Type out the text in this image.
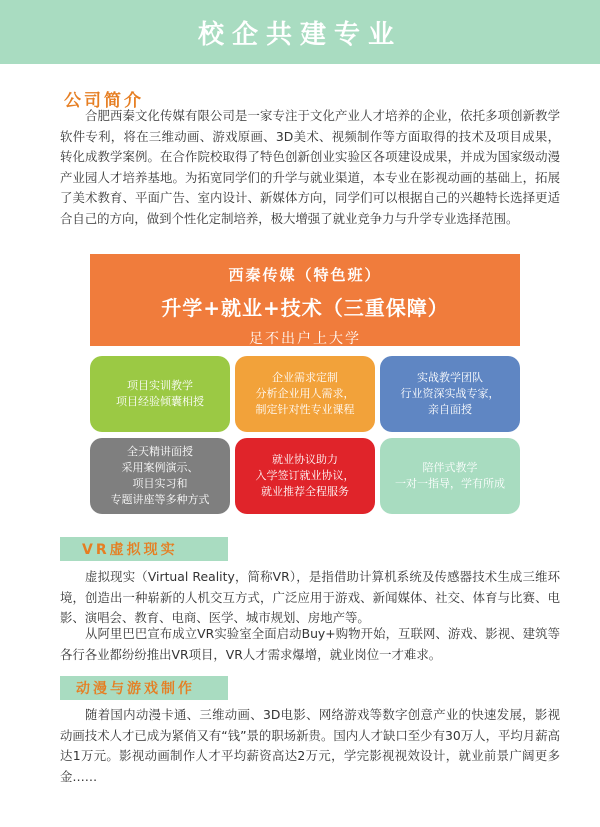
校企共建专业
公司简介

合肥西秦文化传媒有限公司是一家专注于文化产业人才培养的企业，依托多项创新教学软件专利，将在三维动画、游戏原画、3D美术、视频制作等方面取得的技术及项目成果，转化成教学案例。在合作院校取得了特色创新创业实验区各项建设成果，并成为国家级动漫产业园人才培养基地。为拓宽同学们的升学与就业渠道，本专业在影视动画的基础上，拓展了美术教育、平面广告、室内设计、新媒体方向，同学们可以根据自己的兴趣特长选择更适合自己的方向，做到个性化定制培养，极大增强了就业竞争力与升学专业选择范围。

西秦传媒（特色班）
升学+就业+技术（三重保障）
足不出户上大学
项目实训教学
项目经验倾囊相授
企业需求定制
分析企业用人需求，
制定针对性专业课程
实战教学团队
行业资深实战专家，
亲自面授
全天精讲面授
采用案例演示、
项目实习和
专题讲座等多种方式
就业协议助力
入学签订就业协议，
就业推荐全程服务
陪伴式教学
一对一指导，学有所成
VR虚拟现实

虚拟现实（Virtual Reality，简称VR），是指借助计算机系统及传感器技术生成三维环境，创造出一种崭新的人机交互方式，广泛应用于游戏、新闻媒体、社交、体育与比赛、电影、演唱会、教育、电商、医学、城市规划、房地产等。

从阿里巴巴宣布成立VR实验室全面启动Buy+购物开始，互联网、游戏、影视、建筑等各行各业都纷纷推出VR项目，VR人才需求爆增，就业岗位一才难求。

动漫与游戏制作

随着国内动漫卡通、三维动画、3D电影、网络游戏等数字创意产业的快速发展，影视动画技术人才已成为紧俏又有“钱”景的职场新贵。国内人才缺口至少有30万人，平均月薪高达1万元。影视动画制作人才平均薪资高达2万元，学完影视视效设计，就业前景广阔更多金……
